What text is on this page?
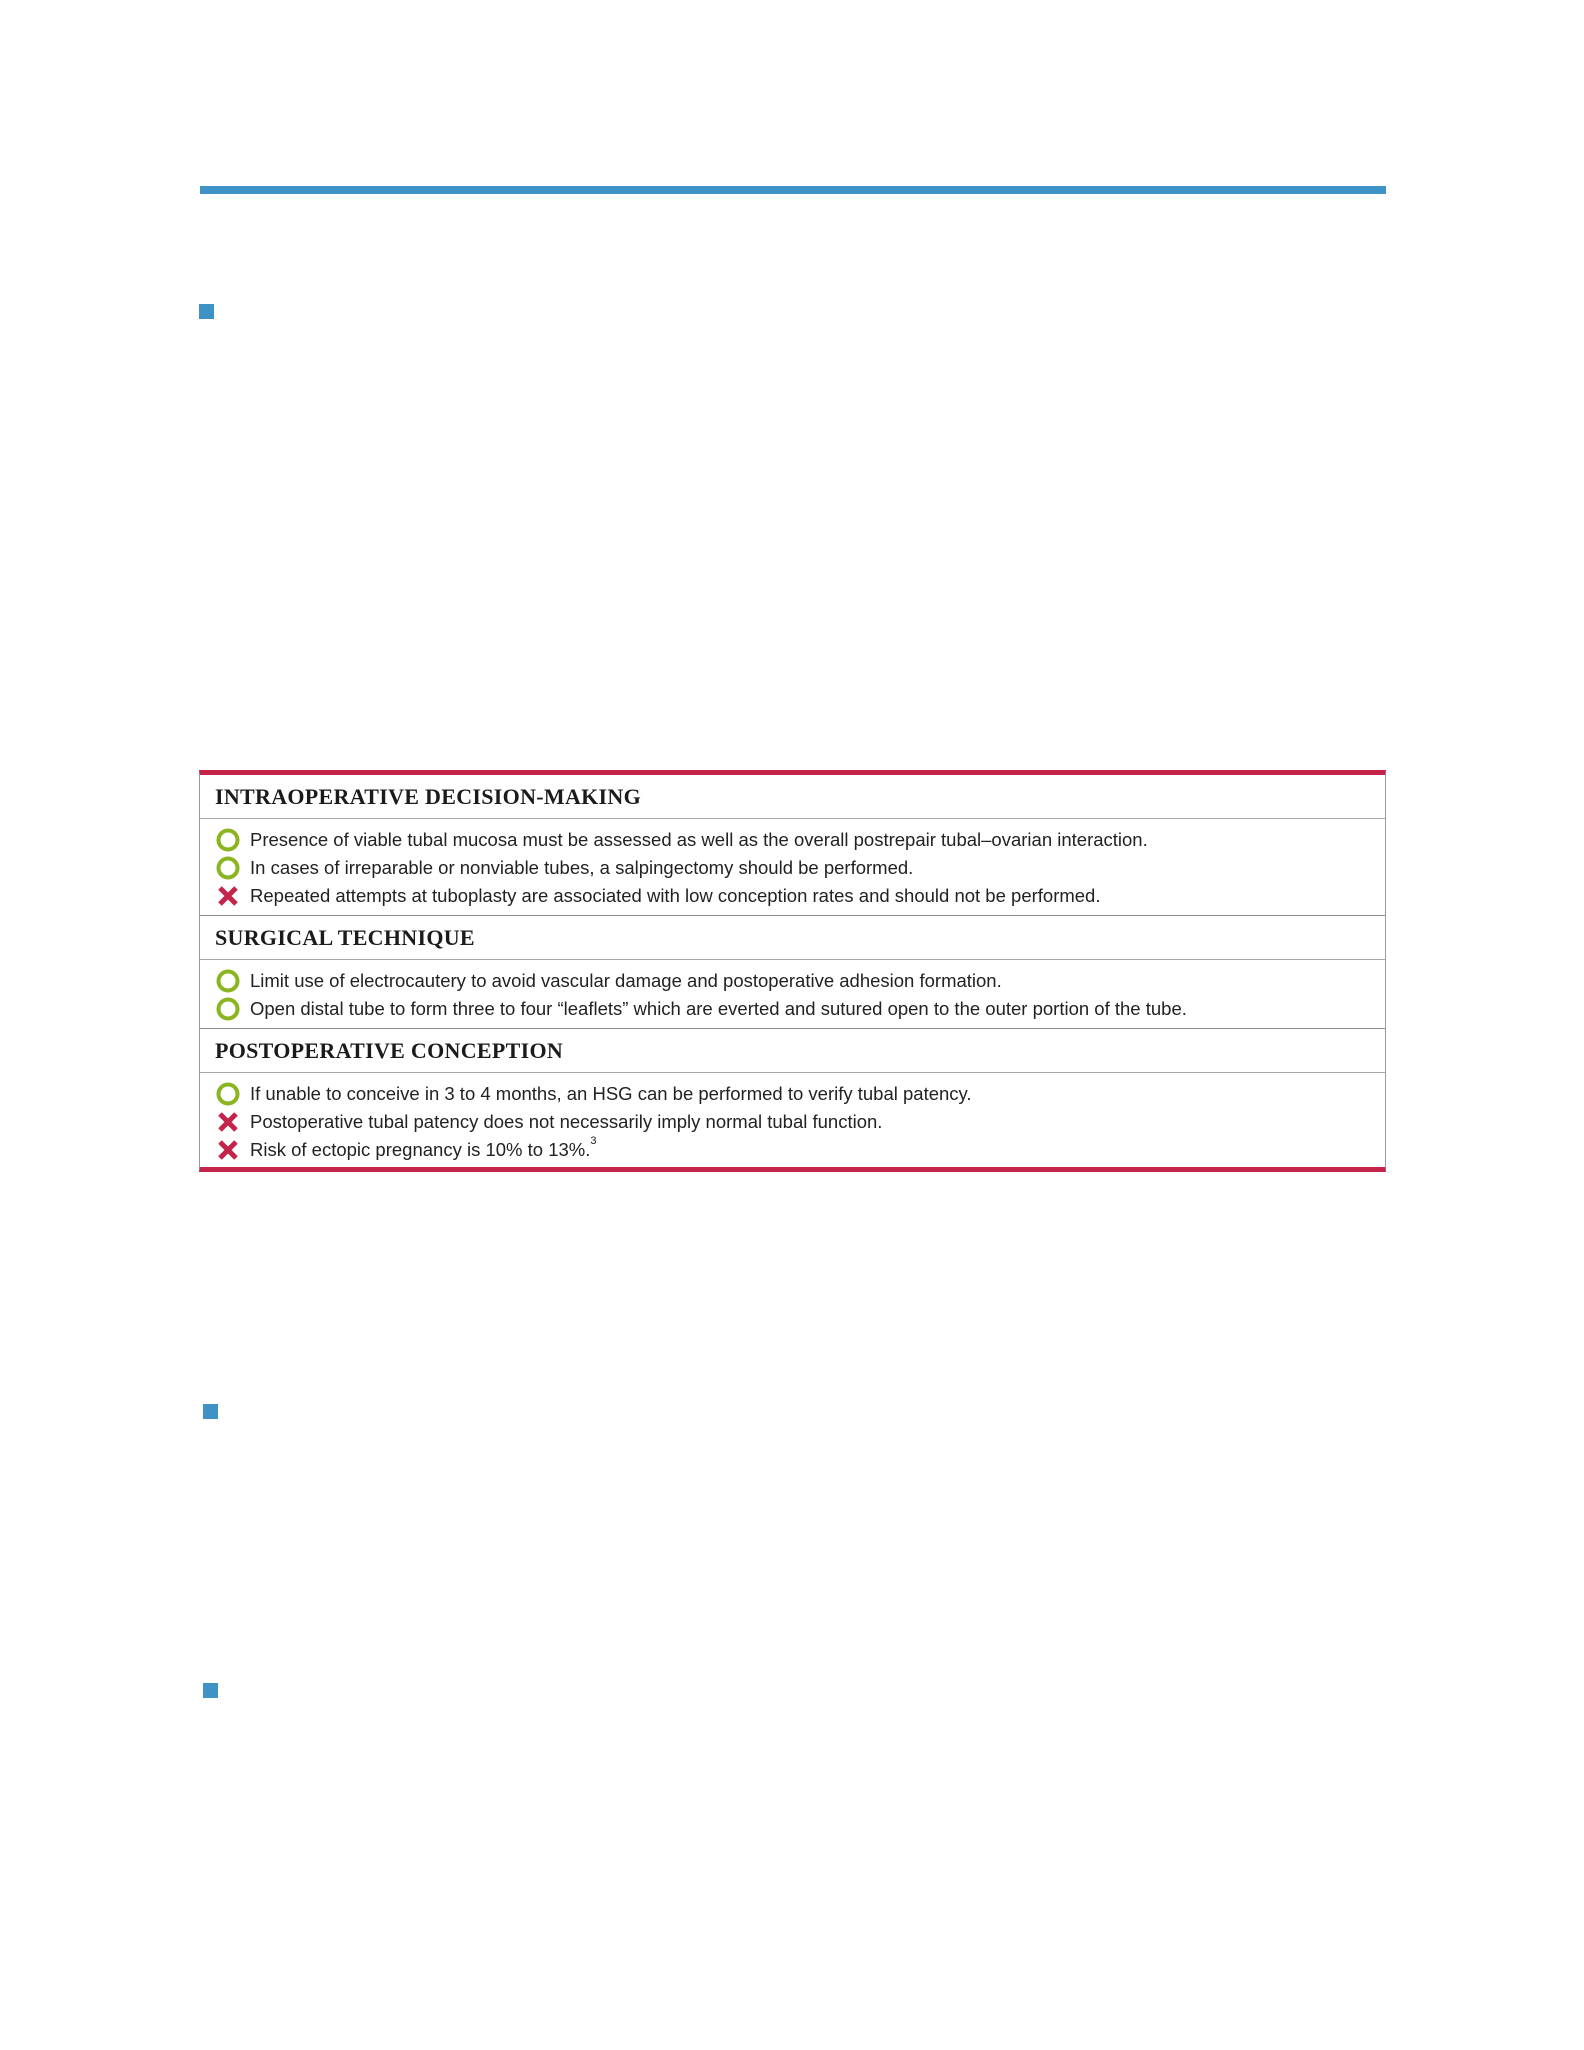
INTRAOPERATIVE DECISION-MAKING
Presence of viable tubal mucosa must be assessed as well as the overall postrepair tubal–ovarian interaction.
In cases of irreparable or nonviable tubes, a salpingectomy should be performed.
Repeated attempts at tuboplasty are associated with low conception rates and should not be performed.
SURGICAL TECHNIQUE
Limit use of electrocautery to avoid vascular damage and postoperative adhesion formation.
Open distal tube to form three to four “leaflets” which are everted and sutured open to the outer portion of the tube.
POSTOPERATIVE CONCEPTION
If unable to conceive in 3 to 4 months, an HSG can be performed to verify tubal patency.
Postoperative tubal patency does not necessarily imply normal tubal function.
Risk of ectopic pregnancy is 10% to 13%.$^3$
